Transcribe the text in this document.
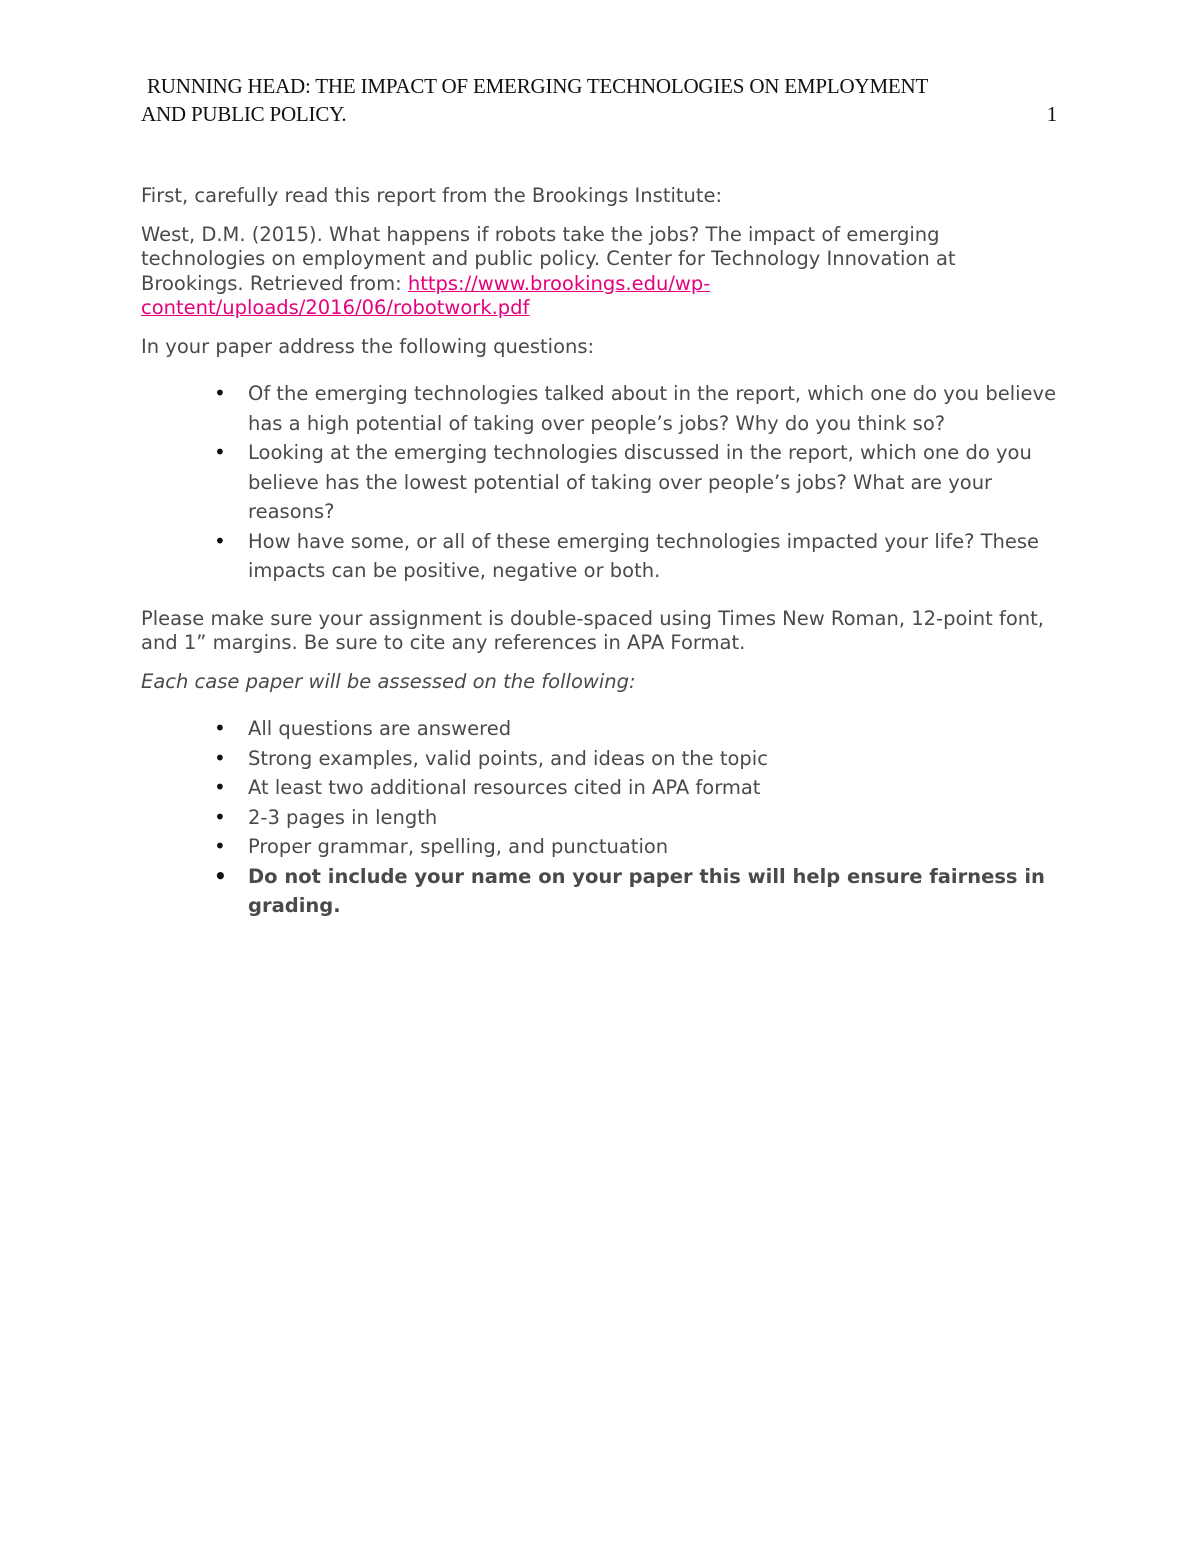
RUNNING HEAD: THE IMPACT OF EMERGING TECHNOLOGIES ON EMPLOYMENT
AND PUBLIC POLICY.	1

First, carefully read this report from the Brookings Institute:

West, D.M. (2015). What happens if robots take the jobs? The impact of emerging technologies on employment and public policy. Center for Technology Innovation at Brookings. Retrieved from: https://www.brookings.edu/wp-content/uploads/2016/06/robotwork.pdf

In your paper address the following questions:

• Of the emerging technologies talked about in the report, which one do you believe has a high potential of taking over people’s jobs? Why do you think so?
• Looking at the emerging technologies discussed in the report, which one do you believe has the lowest potential of taking over people’s jobs? What are your reasons?
• How have some, or all of these emerging technologies impacted your life? These impacts can be positive, negative or both.

Please make sure your assignment is double-spaced using Times New Roman, 12-point font, and 1” margins. Be sure to cite any references in APA Format.

Each case paper will be assessed on the following:

• All questions are answered
• Strong examples, valid points, and ideas on the topic
• At least two additional resources cited in APA format
• 2-3 pages in length
• Proper grammar, spelling, and punctuation
• Do not include your name on your paper this will help ensure fairness in grading.
